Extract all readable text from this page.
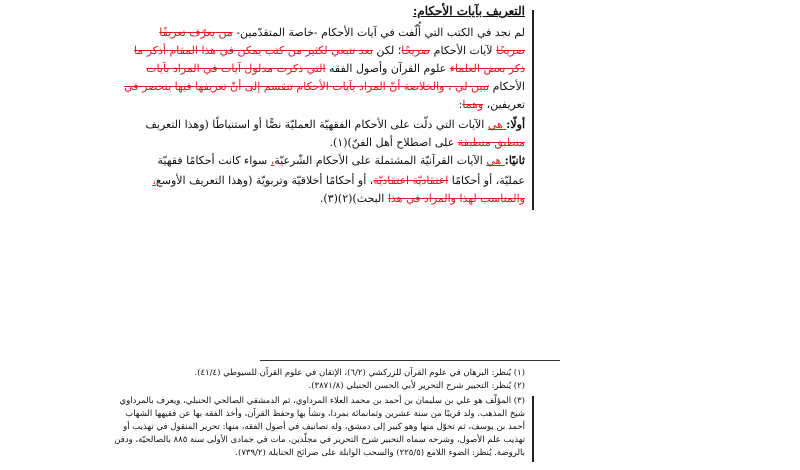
التعريف بآيات الأحكام:
لم نجد في الكتب التي أُلّفت في آيات الأحكام -خاصة المتقدّمين- من يعرّف تعريفًا
صريحًا لآيات الأحكام صريحًا؛ لكن بعد تتبعي لكثير من كتب يمكن في هذا المقام أذكر ما
ذكر بعض العلماء علوم القرآن وأصول الفقه التي ذكرت مدلول آيات في المراد بآيات
الأحكام تبين لي ، والخلاصة أنّ المراد بآيات الأحكام تنقسم إلى أنّ تعريفها فيها ينحصر في
تعريفين، وهما:
أولًا: هي الآيات التي دلّت على الأحكام الفقهيّة العمليّة نصًّا أو استنباطًا (وهذا التعريف
منطبق منطبقة على اصطلاح أهل الفنّ)(١).
ثانيًا: هي الآيات القرآنيّة المشتملة على الأحكام الشّرعيّة، سواء كانت أحكامًا فقهيّة
عمليّة، أو أحكامًا اعتقاديّة اعتقاديّة، أو أحكامًا أخلاقيّة وتربويّة (وهذا التعريف الأوسع،
والمناسب لهذا والمراد في هذا البحث)(٢)(٣).
(١) يُنظر: البرهان في علوم القرآن للزركشي (٦/٢)، الإتقان في علوم القرآن للسيوطي (٤١/٤).
(٢) يُنظر: التحبير شرح التحرير لأبي الحسن الحنبلي (٣٨٧١/٨).
(٣) المؤلّف هو علي بن سليمان بن أحمد بن محمد العلاء المرداوي، ثم الدمشقي الصالحي الحنبلي، ويعرف بالمرداوي
شيخ المذهب. ولد قريبًا من سنة عشرين وثمانمائة بمردا، ونشأ بها وحفظ القرآن، وأخذ الفقه بها عن فقيهها الشهاب
أحمد بن يوسف، ثم تحوّل منها وهو كبير إلى دمشق، وله تصانيف في أصول الفقه، منها: تحرير المنقول في تهذيب أو
تهذيب علم الأصول، وشرحه سماه التحبير شرح التحرير في مجلّدين، مات في جمادى الأولى سنة ٨٨٥ بالصالحيّة، ودفن
بالروضة. يُنظر: الضوء اللامع (٢٢٥/٥) والسحب الوابلة على ضرائح الحنابلة (٧٣٩/٢).
